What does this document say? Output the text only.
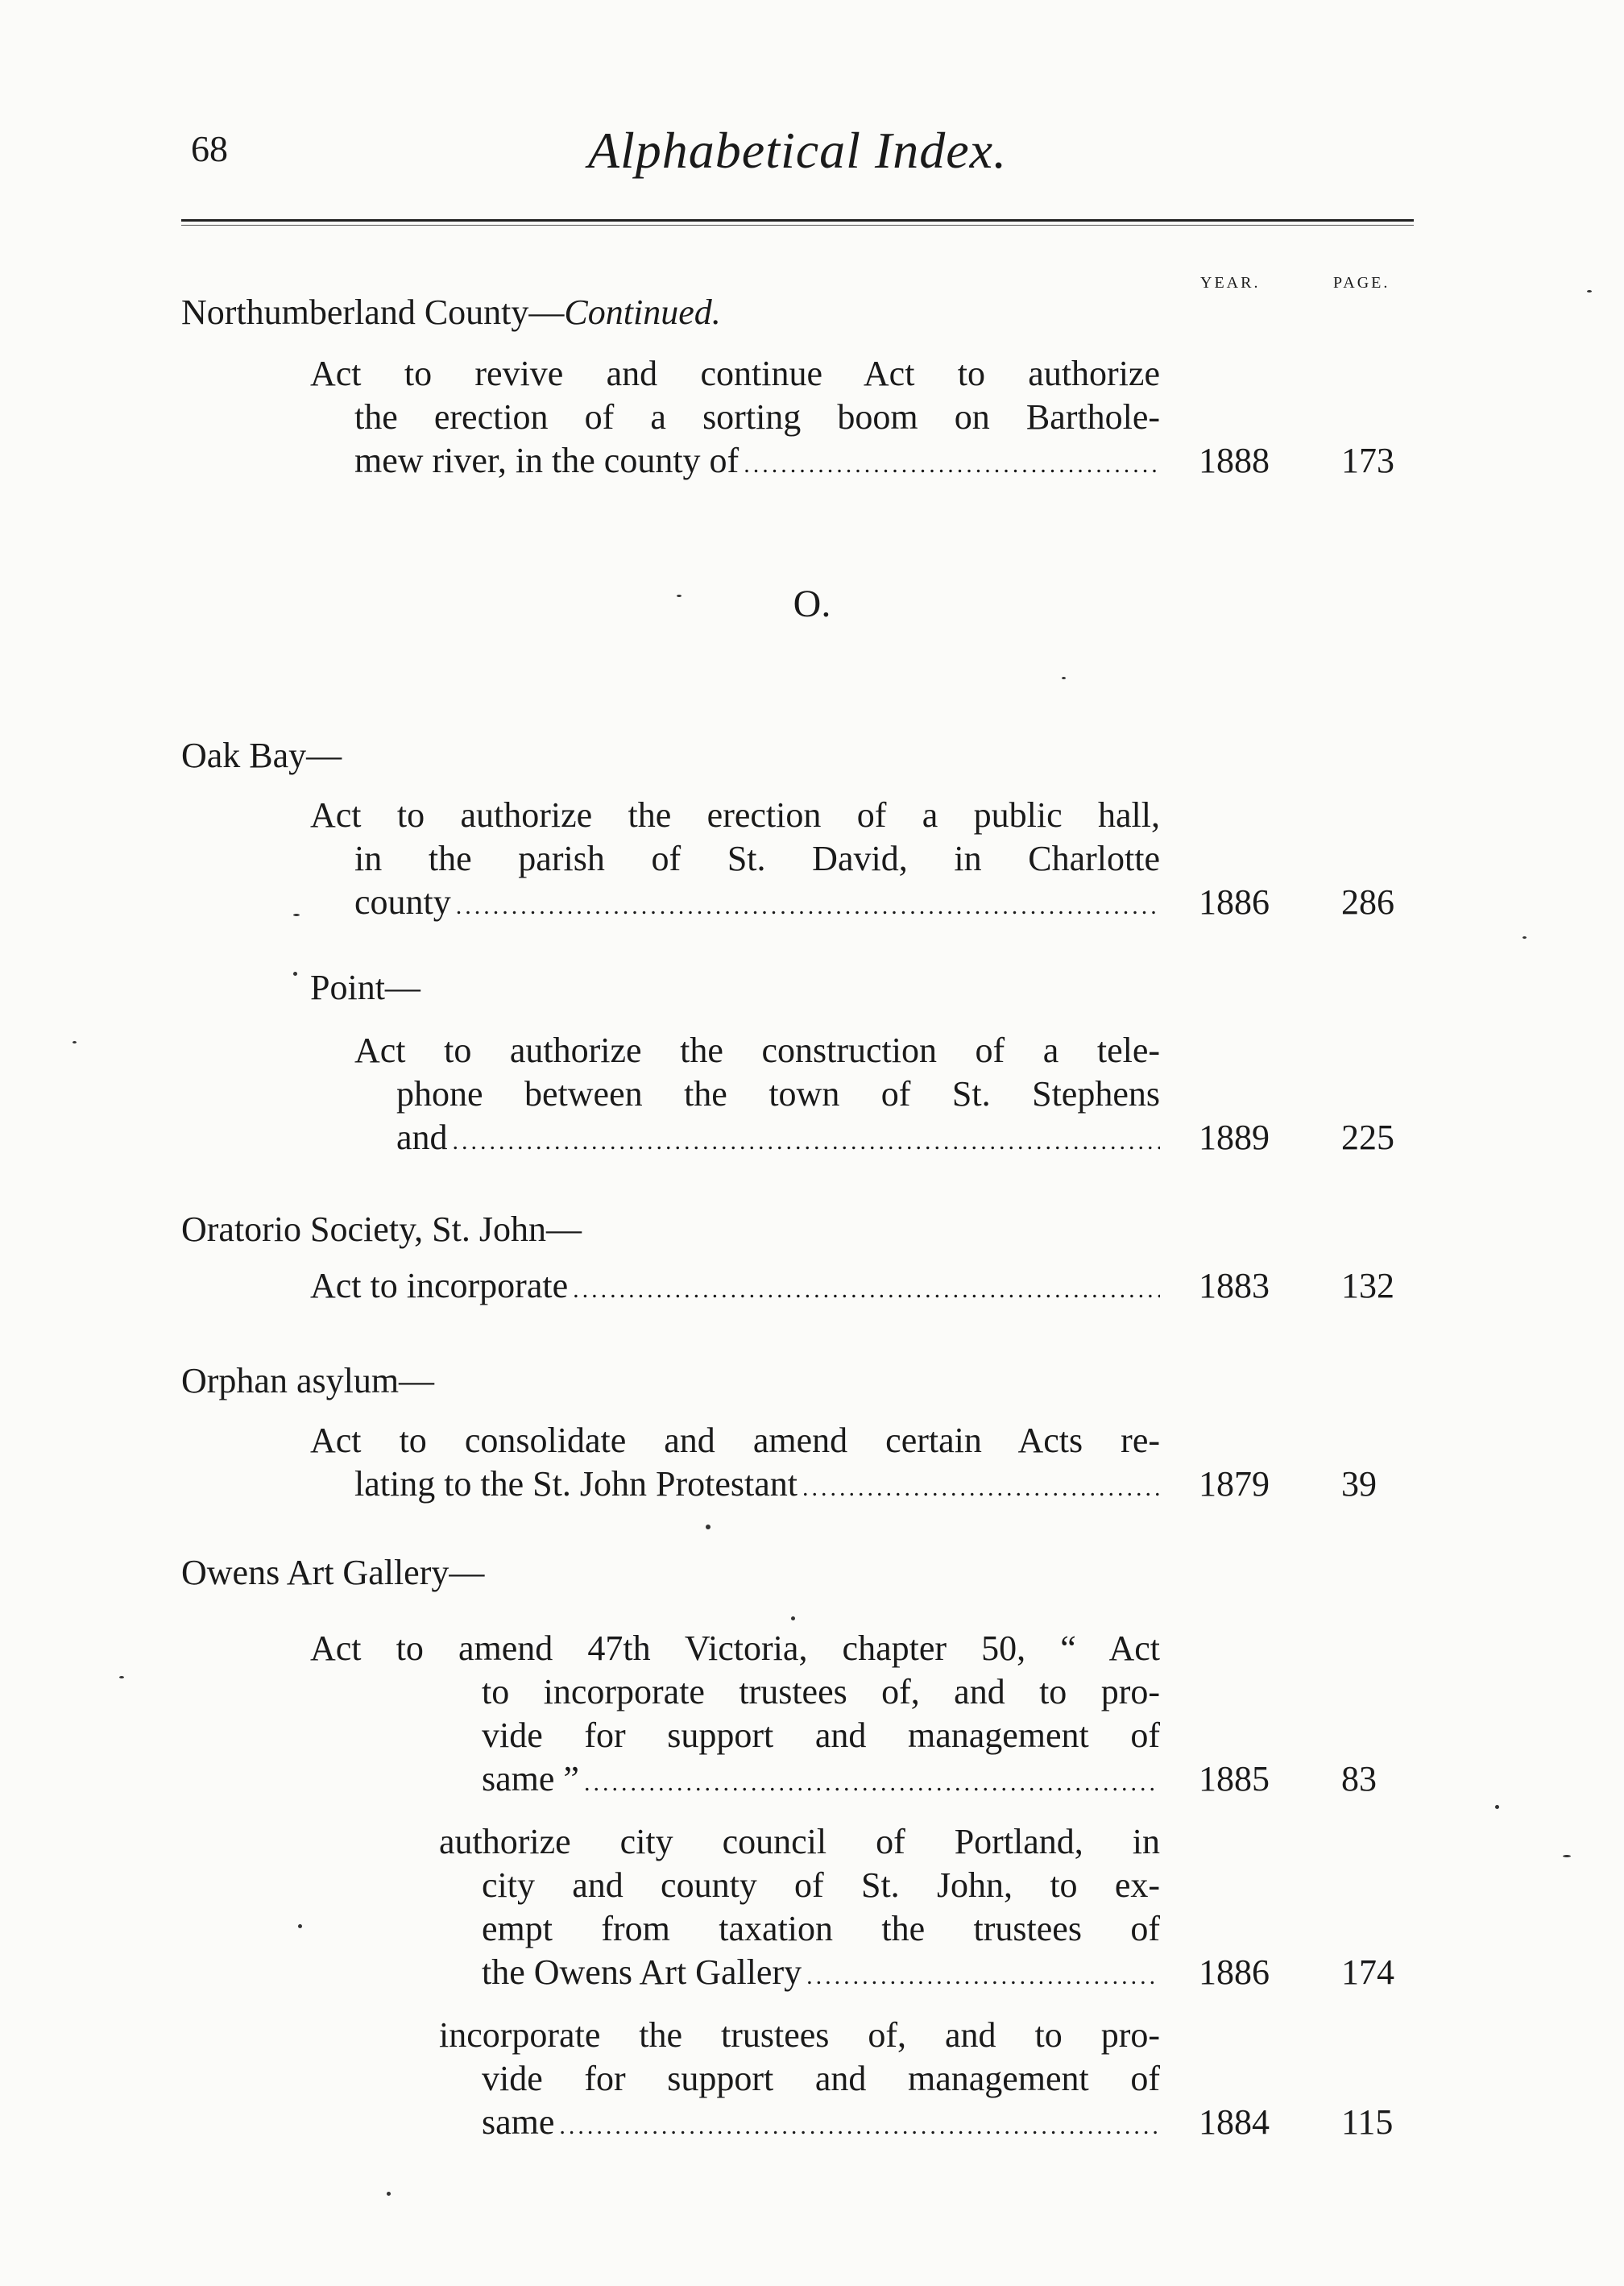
68	Alphabetical Index.
YEAR.	PAGE.
Northumberland County—Continued.
Act to revive and continue Act to authorize
the erection of a sorting boom on Barthole-
mew river, in the county of .....	1888	173
O.
Oak Bay—
Act to authorize the erection of a public hall,
in the parish of St. David, in Charlotte
county .....	1886	286
Point—
Act to authorize the construction of a tele-
phone between the town of St. Stephens
and .....	1889	225
Oratorio Society, St. John—
Act to incorporate .....	1883	132
Orphan asylum—
Act to consolidate and amend certain Acts re-
lating to the St. John Protestant .....	1879	39
Owens Art Gallery—
Act to amend 47th Victoria, chapter 50, “ Act
to incorporate trustees of, and to pro-
vide for support and management of
same ” .....	1885	83
authorize city council of Portland, in
city and county of St. John, to ex-
empt from taxation the trustees of
the Owens Art Gallery .....	1886	174
incorporate the trustees of, and to pro-
vide for support and management of
same .....	1884	115
